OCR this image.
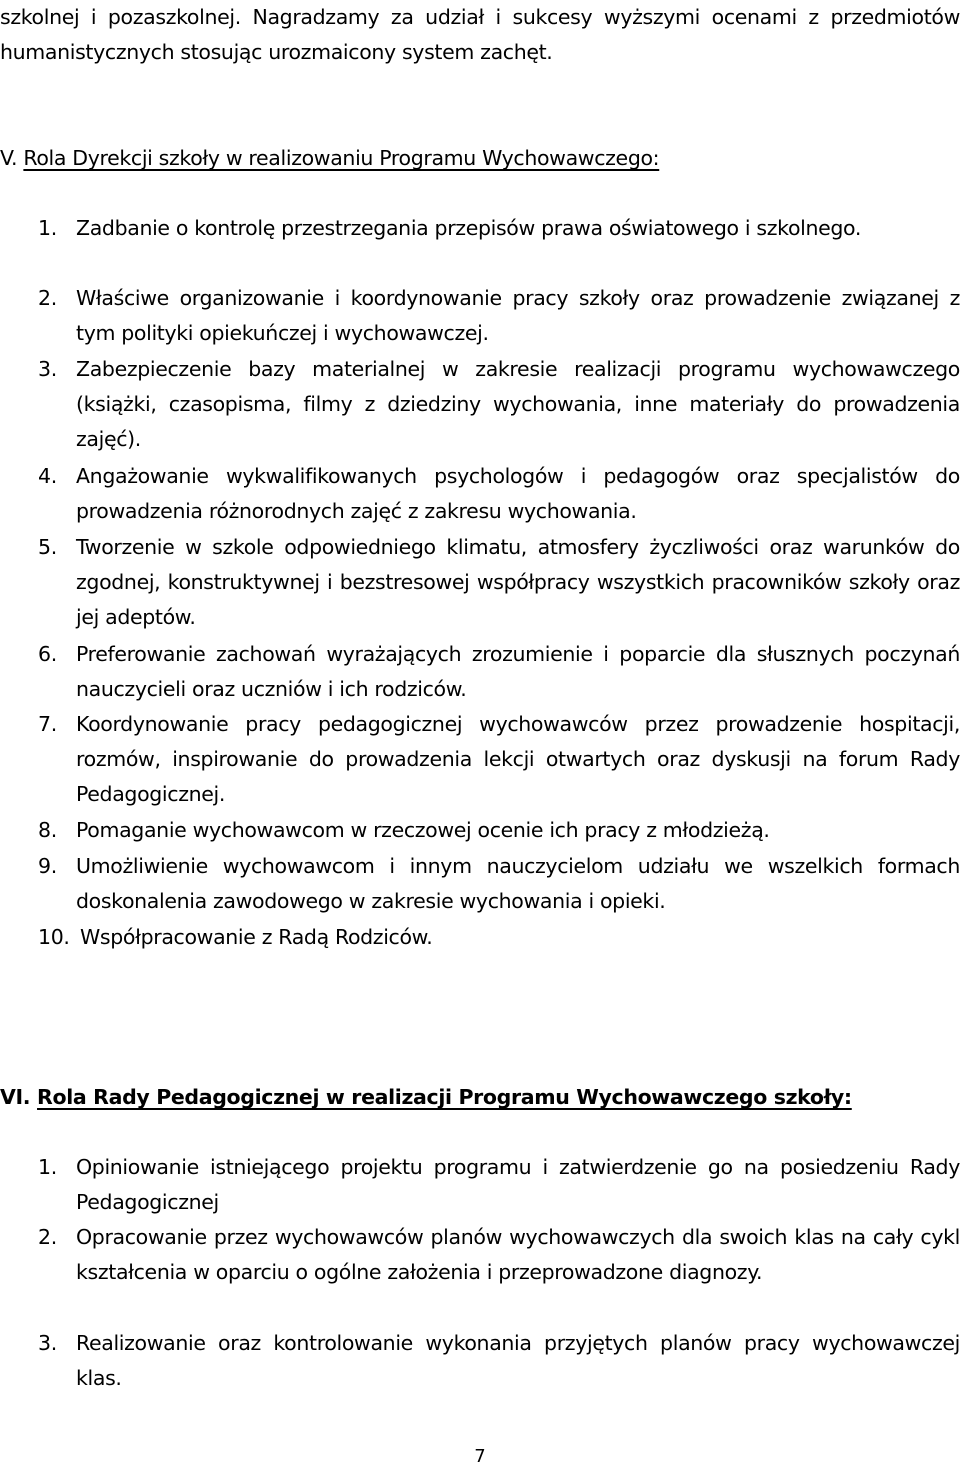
szkolnej i pozaszkolnej. Nagradzamy za udział i sukcesy wyższymi ocenami z przedmiotów humanistycznych stosując urozmaicony system zachęt.
V. Rola Dyrekcji szkoły w realizowaniu Programu Wychowawczego:
1. Zadbanie o kontrolę przestrzegania przepisów prawa oświatowego i szkolnego.
2. Właściwe organizowanie i koordynowanie pracy szkoły oraz prowadzenie związanej z tym polityki opiekuńczej i wychowawczej.
3. Zabezpieczenie bazy materialnej w zakresie realizacji programu wychowawczego (książki, czasopisma, filmy z dziedziny wychowania, inne materiały do prowadzenia zajęć).
4. Angażowanie wykwalifikowanych psychologów i pedagogów oraz specjalistów do prowadzenia różnorodnych zajęć z zakresu wychowania.
5. Tworzenie w szkole odpowiedniego klimatu, atmosfery życzliwości oraz warunków do zgodnej, konstruktywnej i bezstresowej współpracy wszystkich pracowników szkoły oraz jej adeptów.
6. Preferowanie zachowań wyrażających zrozumienie i poparcie dla słusznych poczynań nauczycieli oraz uczniów i ich rodziców.
7. Koordynowanie pracy pedagogicznej wychowawców przez prowadzenie hospitacji, rozmów, inspirowanie do prowadzenia lekcji otwartych oraz dyskusji na forum Rady Pedagogicznej.
8. Pomaganie wychowawcom w rzeczowej ocenie ich pracy z młodzieżą.
9. Umożliwienie wychowawcom i innym nauczycielom udziału we wszelkich formach doskonalenia zawodowego w zakresie wychowania i opieki.
10. Współpracowanie z Radą Rodziców.
VI. Rola Rady Pedagogicznej w realizacji Programu Wychowawczego szkoły:
1. Opiniowanie istniejącego projektu programu i zatwierdzenie go na posiedzeniu Rady Pedagogicznej
2. Opracowanie przez wychowawców planów wychowawczych dla swoich klas na cały cykl kształcenia w oparciu o ogólne założenia i przeprowadzone diagnozy.
3. Realizowanie oraz kontrolowanie wykonania przyjętych planów pracy wychowawczej klas.
7
